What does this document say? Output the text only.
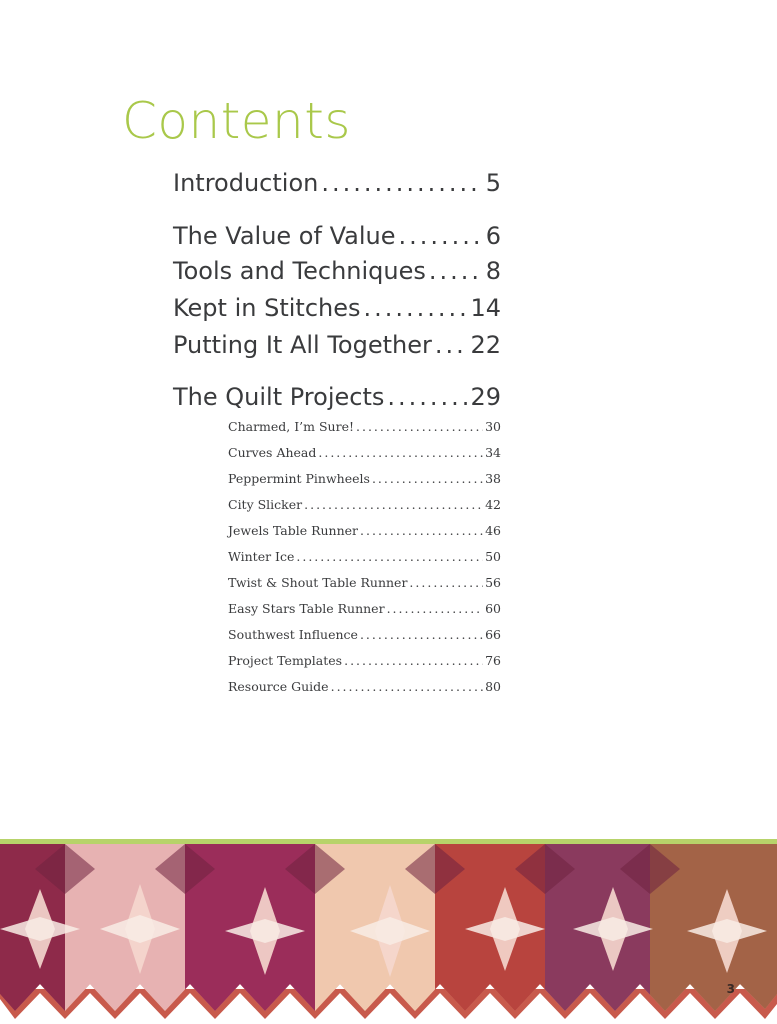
Contents
Introduction .....	5
The Value of Value .....	6
Tools and Techniques ..... 8
Kept in Stitches .....	14
Putting It All Together ..... 22
The Quilt Projects .....	29
Charmed, I’m Sure! .....	30
Curves Ahead .....	34
Peppermint Pinwheels .....	38
City Slicker .....	42
Jewels Table Runner .....	46
Winter Ice .....	50
Twist & Shout Table Runner .....	56
Easy Stars Table Runner .....	60
Southwest Influence .....	66
Project Templates .....	76
Resource Guide .....	80
3
